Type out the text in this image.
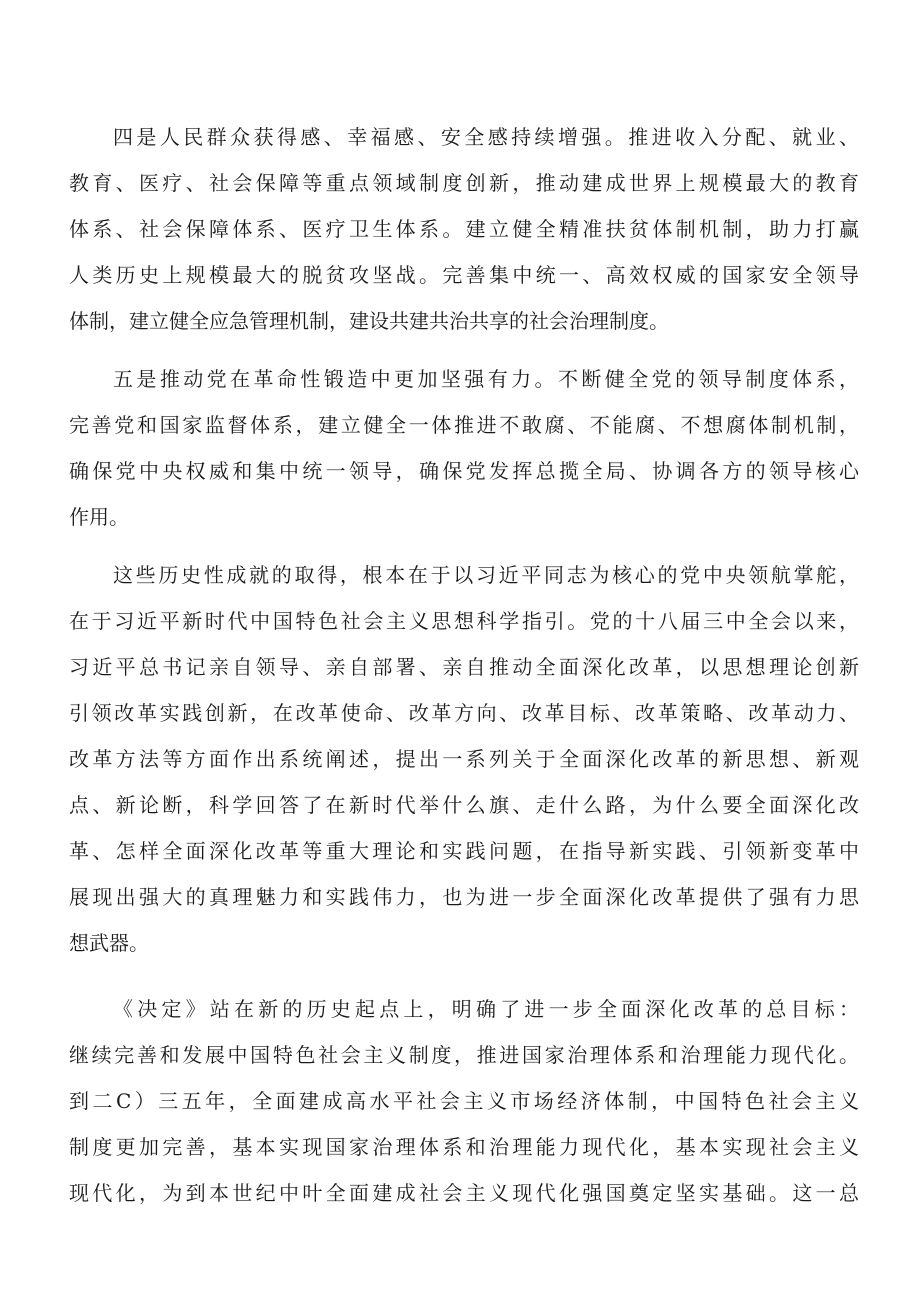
四是人民群众获得感、幸福感、安全感持续增强。推进收入分配、就业、
教育、医疗、社会保障等重点领域制度创新，推动建成世界上规模最大的教育
体系、社会保障体系、医疗卫生体系。建立健全精准扶贫体制机制，助力打赢
人类历史上规模最大的脱贫攻坚战。完善集中统一、高效权威的国家安全领导
体制，建立健全应急管理机制，建设共建共治共享的社会治理制度。
五是推动党在革命性锻造中更加坚强有力。不断健全党的领导制度体系，
完善党和国家监督体系，建立健全一体推进不敢腐、不能腐、不想腐体制机制，
确保党中央权威和集中统一领导，确保党发挥总揽全局、协调各方的领导核心
作用。
这些历史性成就的取得，根本在于以习近平同志为核心的党中央领航掌舵，
在于习近平新时代中国特色社会主义思想科学指引。党的十八届三中全会以来，
习近平总书记亲自领导、亲自部署、亲自推动全面深化改革，以思想理论创新
引领改革实践创新，在改革使命、改革方向、改革目标、改革策略、改革动力、
改革方法等方面作出系统阐述，提出一系列关于全面深化改革的新思想、新观
点、新论断，科学回答了在新时代举什么旗、走什么路，为什么要全面深化改
革、怎样全面深化改革等重大理论和实践问题，在指导新实践、引领新变革中
展现出强大的真理魅力和实践伟力，也为进一步全面深化改革提供了强有力思
想武器。
《决定》站在新的历史起点上，明确了进一步全面深化改革的总目标：
继续完善和发展中国特色社会主义制度，推进国家治理体系和治理能力现代化。
到二C）三五年，全面建成高水平社会主义市场经济体制，中国特色社会主义
制度更加完善，基本实现国家治理体系和治理能力现代化，基本实现社会主义
现代化，为到本世纪中叶全面建成社会主义现代化强国奠定坚实基础。这一总
